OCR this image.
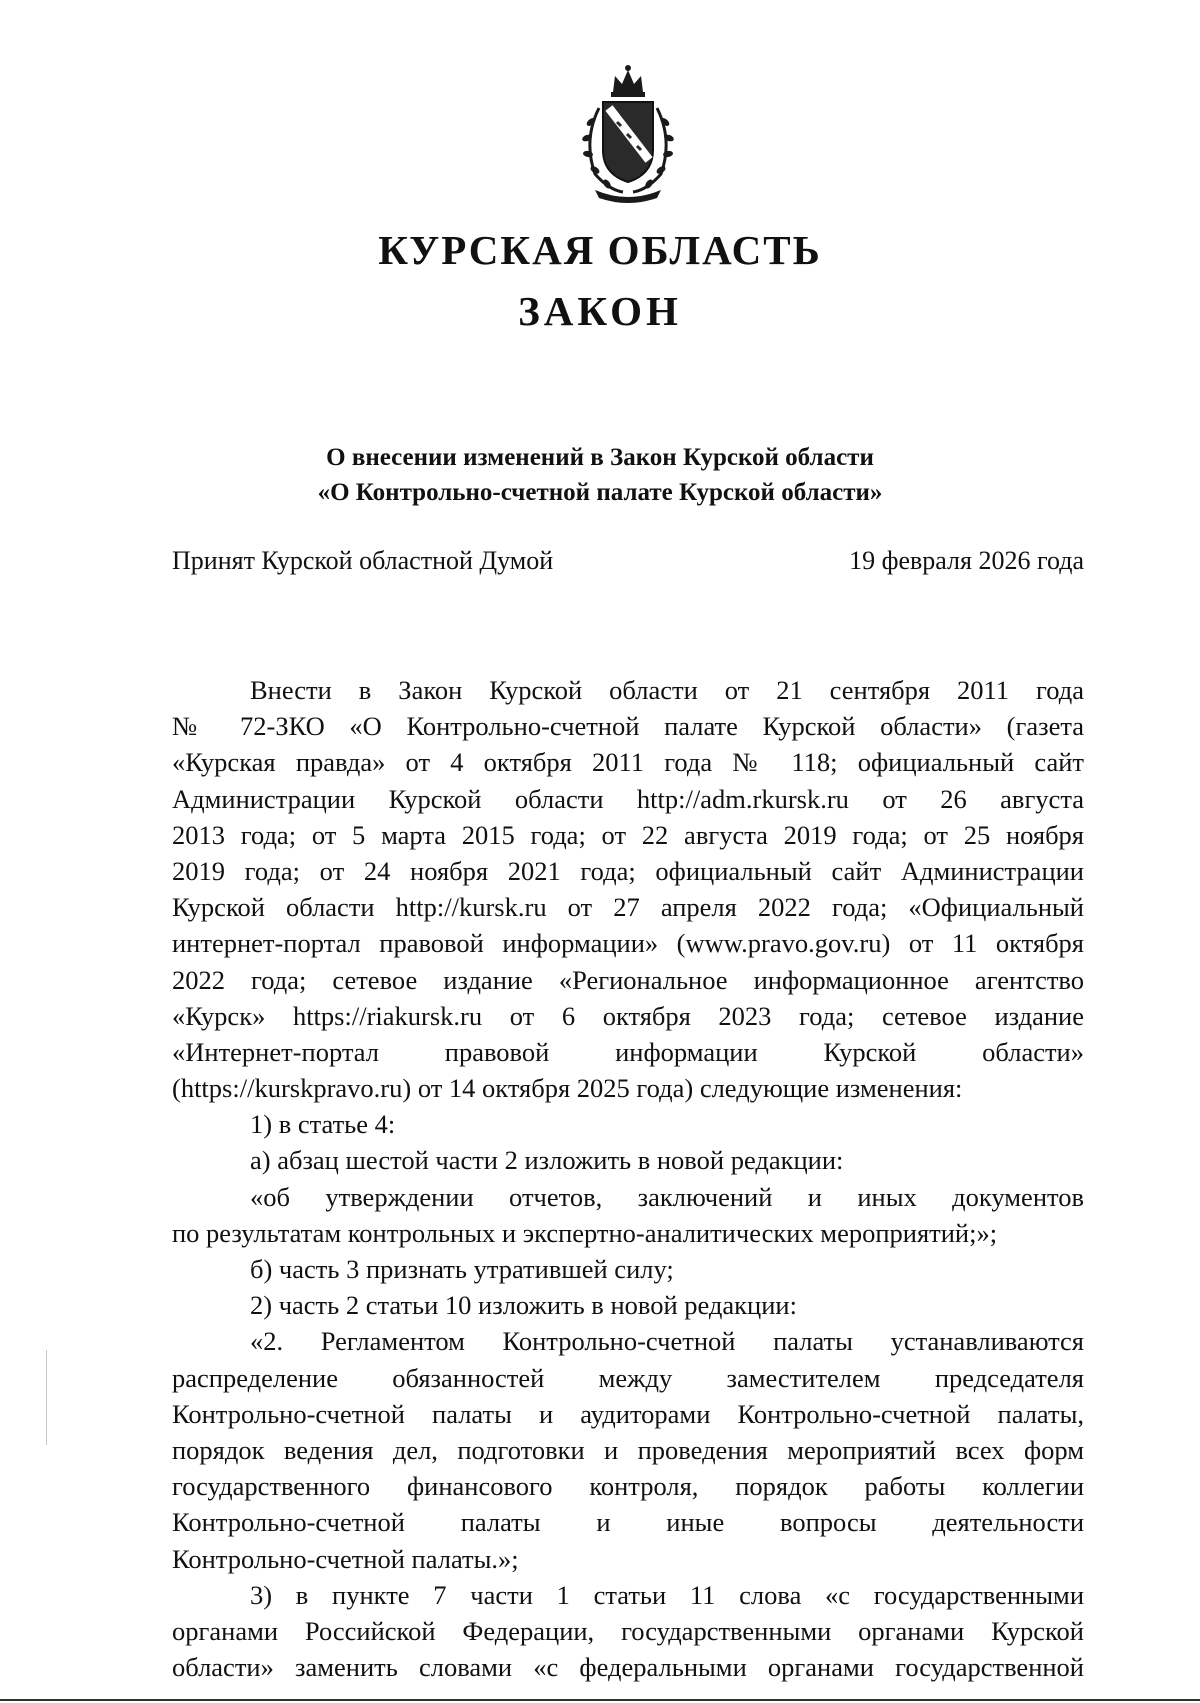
КУРСКАЯ ОБЛАСТЬ
ЗАКОН
О внесении изменений в Закон Курской области
«О Контрольно-счетной палате Курской области»
Принят Курской областной Думой	19 февраля 2026 года
Внести в Закон Курской области от 21 сентября 2011 года
№ 72-ЗКО «О Контрольно-счетной палате Курской области» (газета
«Курская правда» от 4 октября 2011 года № 118; официальный сайт
Администрации Курской области http://adm.rkursk.ru от 26 августа
2013 года; от 5 марта 2015 года; от 22 августа 2019 года; от 25 ноября
2019 года; от 24 ноября 2021 года; официальный сайт Администрации
Курской области http://kursk.ru от 27 апреля 2022 года; «Официальный
интернет-портал правовой информации» (www.pravo.gov.ru) от 11 октября
2022 года; сетевое издание «Региональное информационное агентство
«Курск» https://riakursk.ru от 6 октября 2023 года; сетевое издание
«Интернет-портал правовой информации Курской области»
(https://kurskpravo.ru) от 14 октября 2025 года) следующие изменения:
1) в статье 4:
а) абзац шестой части 2 изложить в новой редакции:
«об утверждении отчетов, заключений и иных документов
по результатам контрольных и экспертно-аналитических мероприятий;»;
б) часть 3 признать утратившей силу;
2) часть 2 статьи 10 изложить в новой редакции:
«2. Регламентом Контрольно-счетной палаты устанавливаются
распределение обязанностей между заместителем председателя
Контрольно-счетной палаты и аудиторами Контрольно-счетной палаты,
порядок ведения дел, подготовки и проведения мероприятий всех форм
государственного финансового контроля, порядок работы коллегии
Контрольно-счетной палаты и иные вопросы деятельности
Контрольно-счетной палаты.»;
3) в пункте 7 части 1 статьи 11 слова «с государственными
органами Российской Федерации, государственными органами Курской
области» заменить словами «с федеральными органами государственной
